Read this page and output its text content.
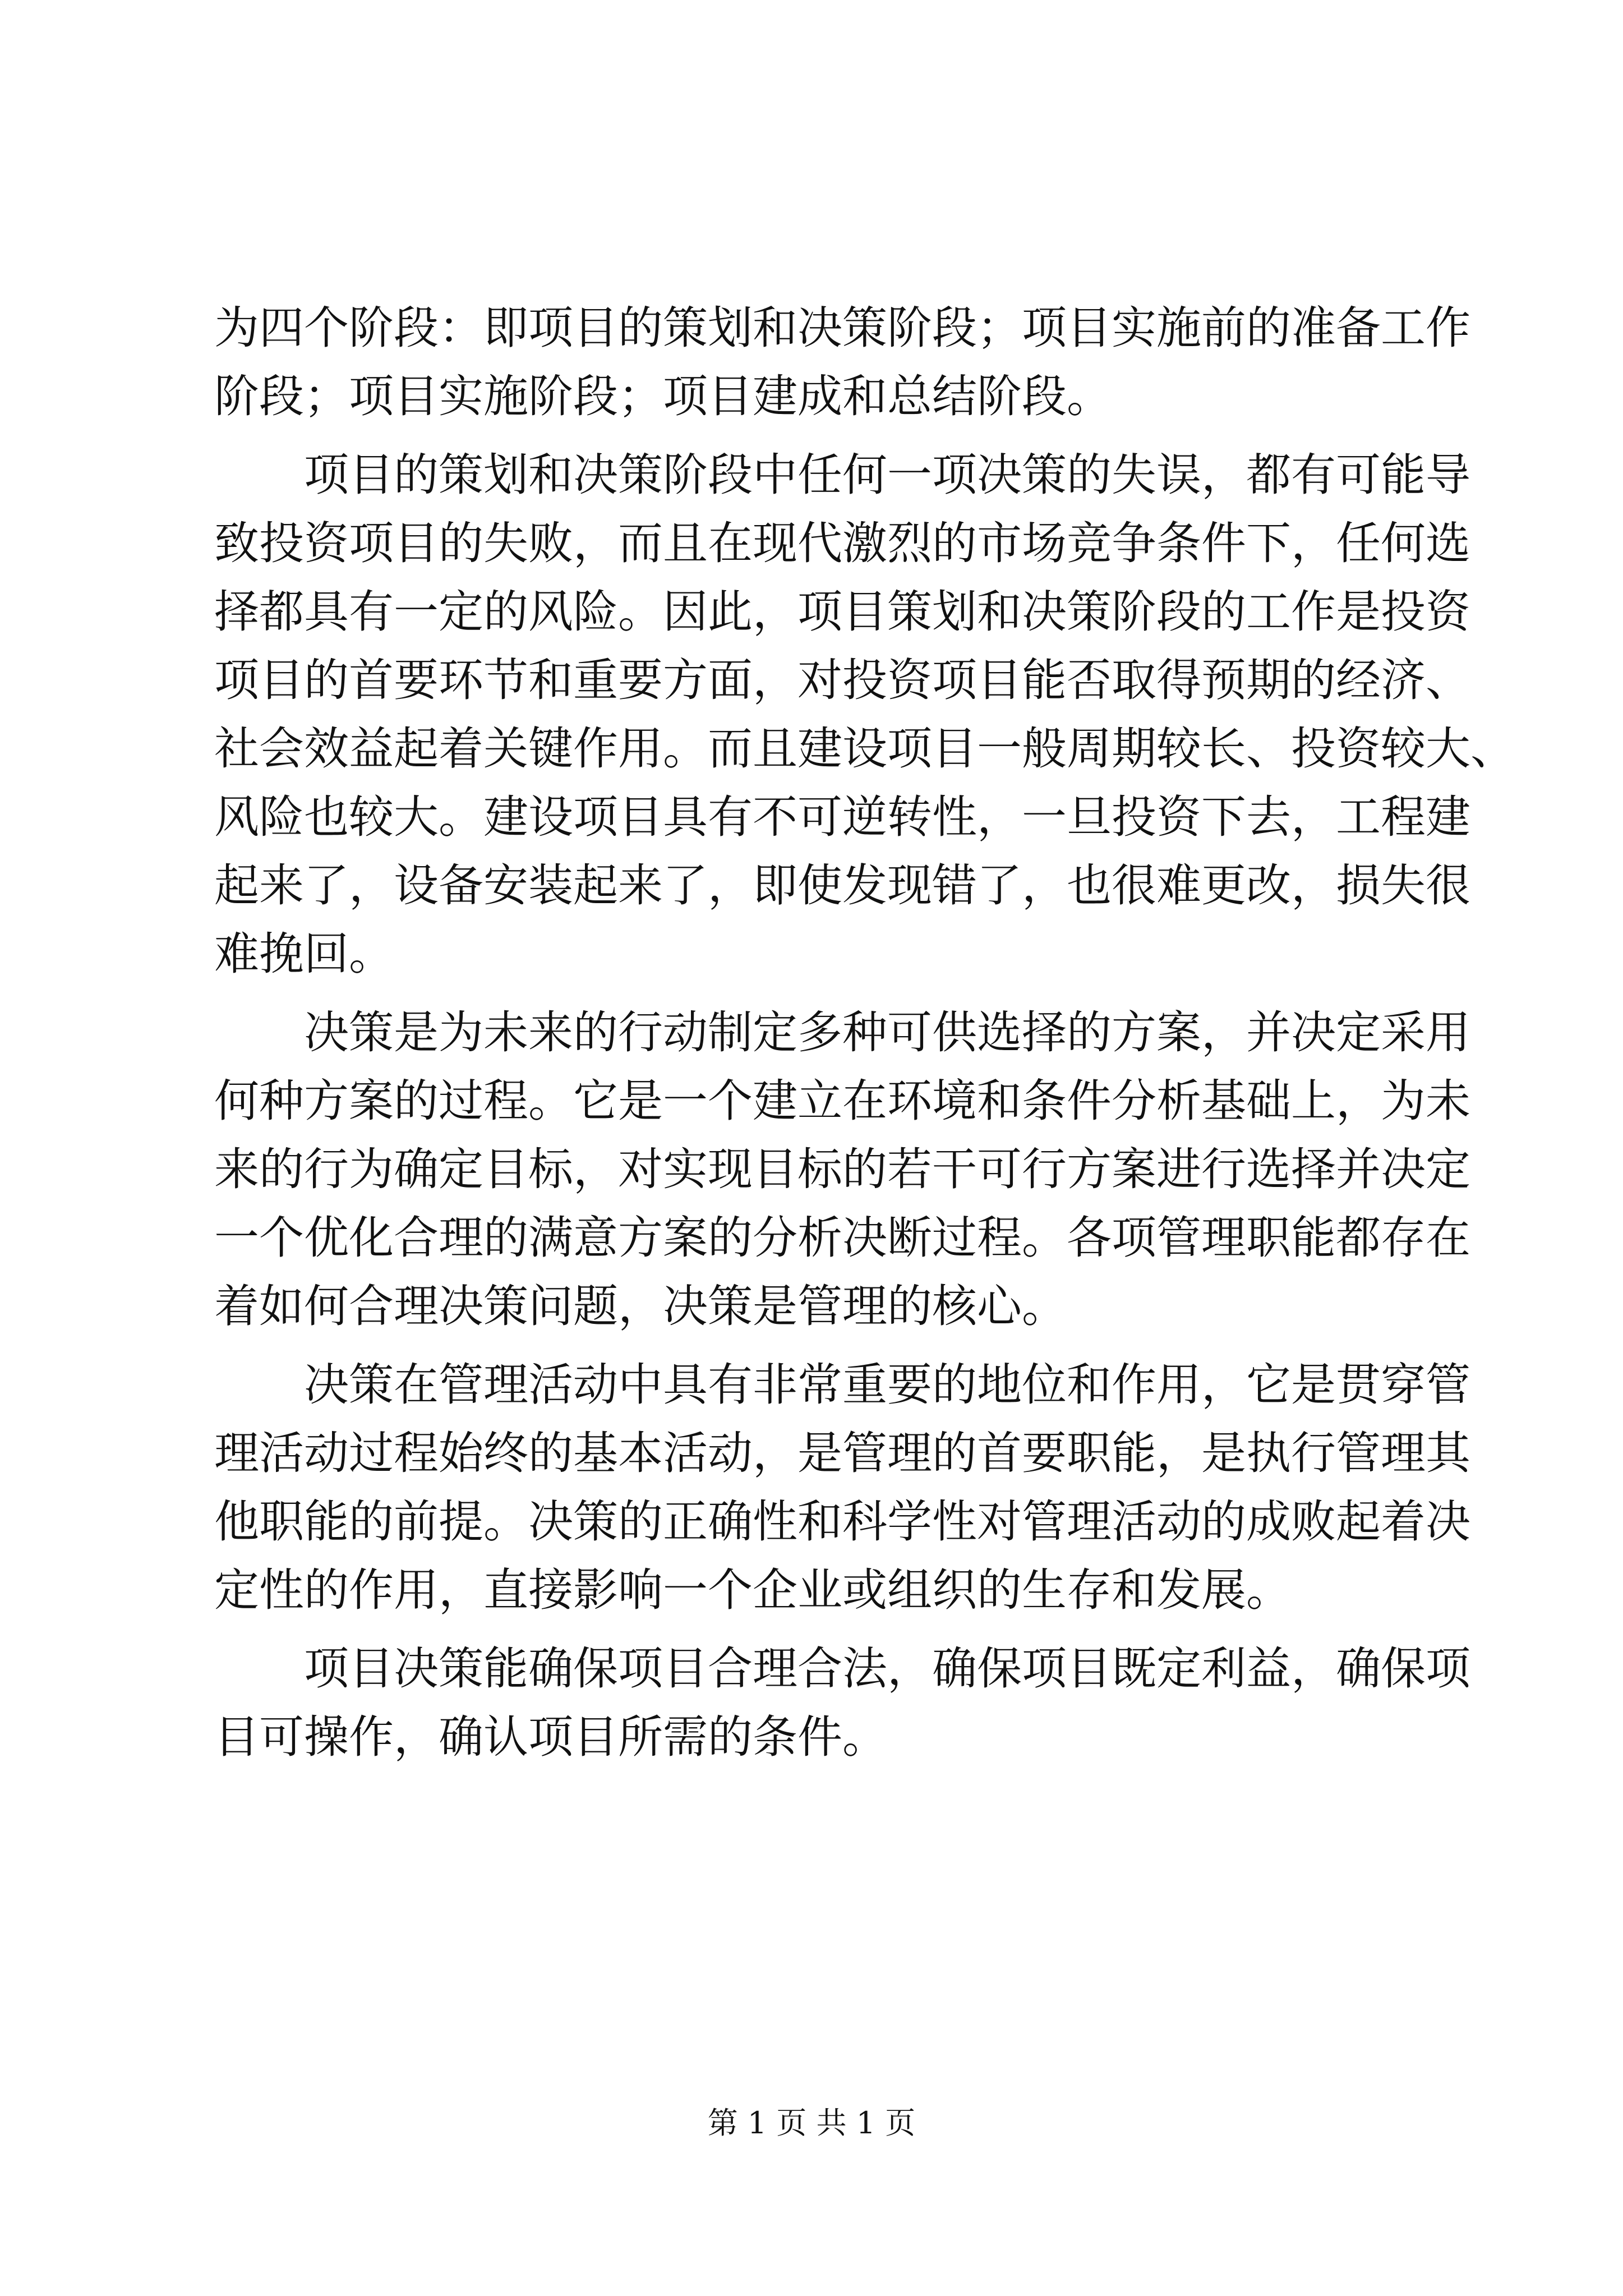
为四个阶段：即项目的策划和决策阶段；项目实施前的准备工作
阶段；项目实施阶段；项目建成和总结阶段。
　　项目的策划和决策阶段中任何一项决策的失误，都有可能导
致投资项目的失败，而且在现代激烈的市场竞争条件下，任何选
择都具有一定的风险。因此，项目策划和决策阶段的工作是投资
项目的首要环节和重要方面，对投资项目能否取得预期的经济、
社会效益起着关键作用。而且建设项目一般周期较长、投资较大、
风险也较大。建设项目具有不可逆转性，一旦投资下去，工程建
起来了，设备安装起来了，即使发现错了，也很难更改，损失很
难挽回。
　　决策是为未来的行动制定多种可供选择的方案，并决定采用
何种方案的过程。它是一个建立在环境和条件分析基础上，为未
来的行为确定目标，对实现目标的若干可行方案进行选择并决定
一个优化合理的满意方案的分析决断过程。各项管理职能都存在
着如何合理决策问题，决策是管理的核心。
　　决策在管理活动中具有非常重要的地位和作用，它是贯穿管
理活动过程始终的基本活动，是管理的首要职能，是执行管理其
他职能的前提。决策的正确性和科学性对管理活动的成败起着决
定性的作用，直接影响一个企业或组织的生存和发展。
　　项目决策能确保项目合理合法，确保项目既定利益，确保项
目可操作，确认项目所需的条件。
第 1 页 共 1 页
